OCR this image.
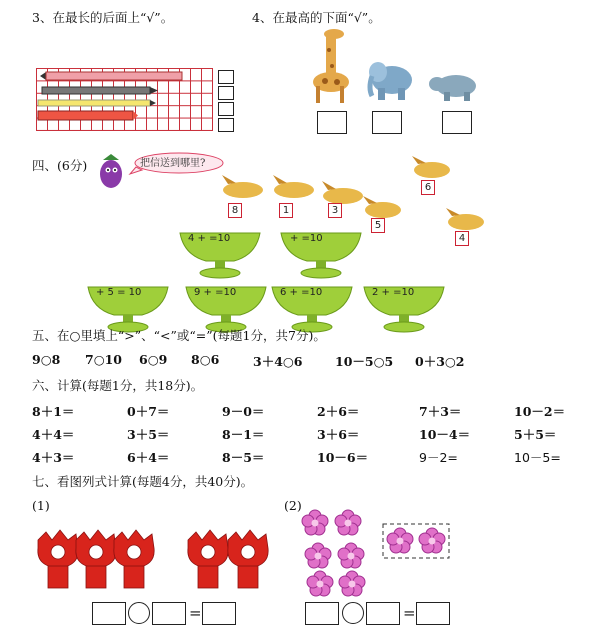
3、在最长的后面上“√”。	4、在最高的下面“√”。
四、(6分)	把信送到哪里?
8	1	3
5
6
4
4 + =10	+ =10
+ 5 = 10	9 + =10	6 + =10	2 + =10
五、在○里填上“>”、“<”或“=”(每题1分，共7分)。
9○8	7○10	6○9	8○6	3＋4○6	10－5○5	0＋3○2
六、计算(每题1分，共18分)。
8＋1＝	0＋7＝	9－0＝	2＋6＝	7＋3＝	10－2＝
4＋4＝	3＋5＝	8－1＝	3＋6＝	10－4＝	5＋5＝
4＋3＝	6＋4＝	8－5＝	10－6＝	9－2=	10－5=
七、看图列式计算(每题4分，共40分)。
(1)	(2)
=	=
